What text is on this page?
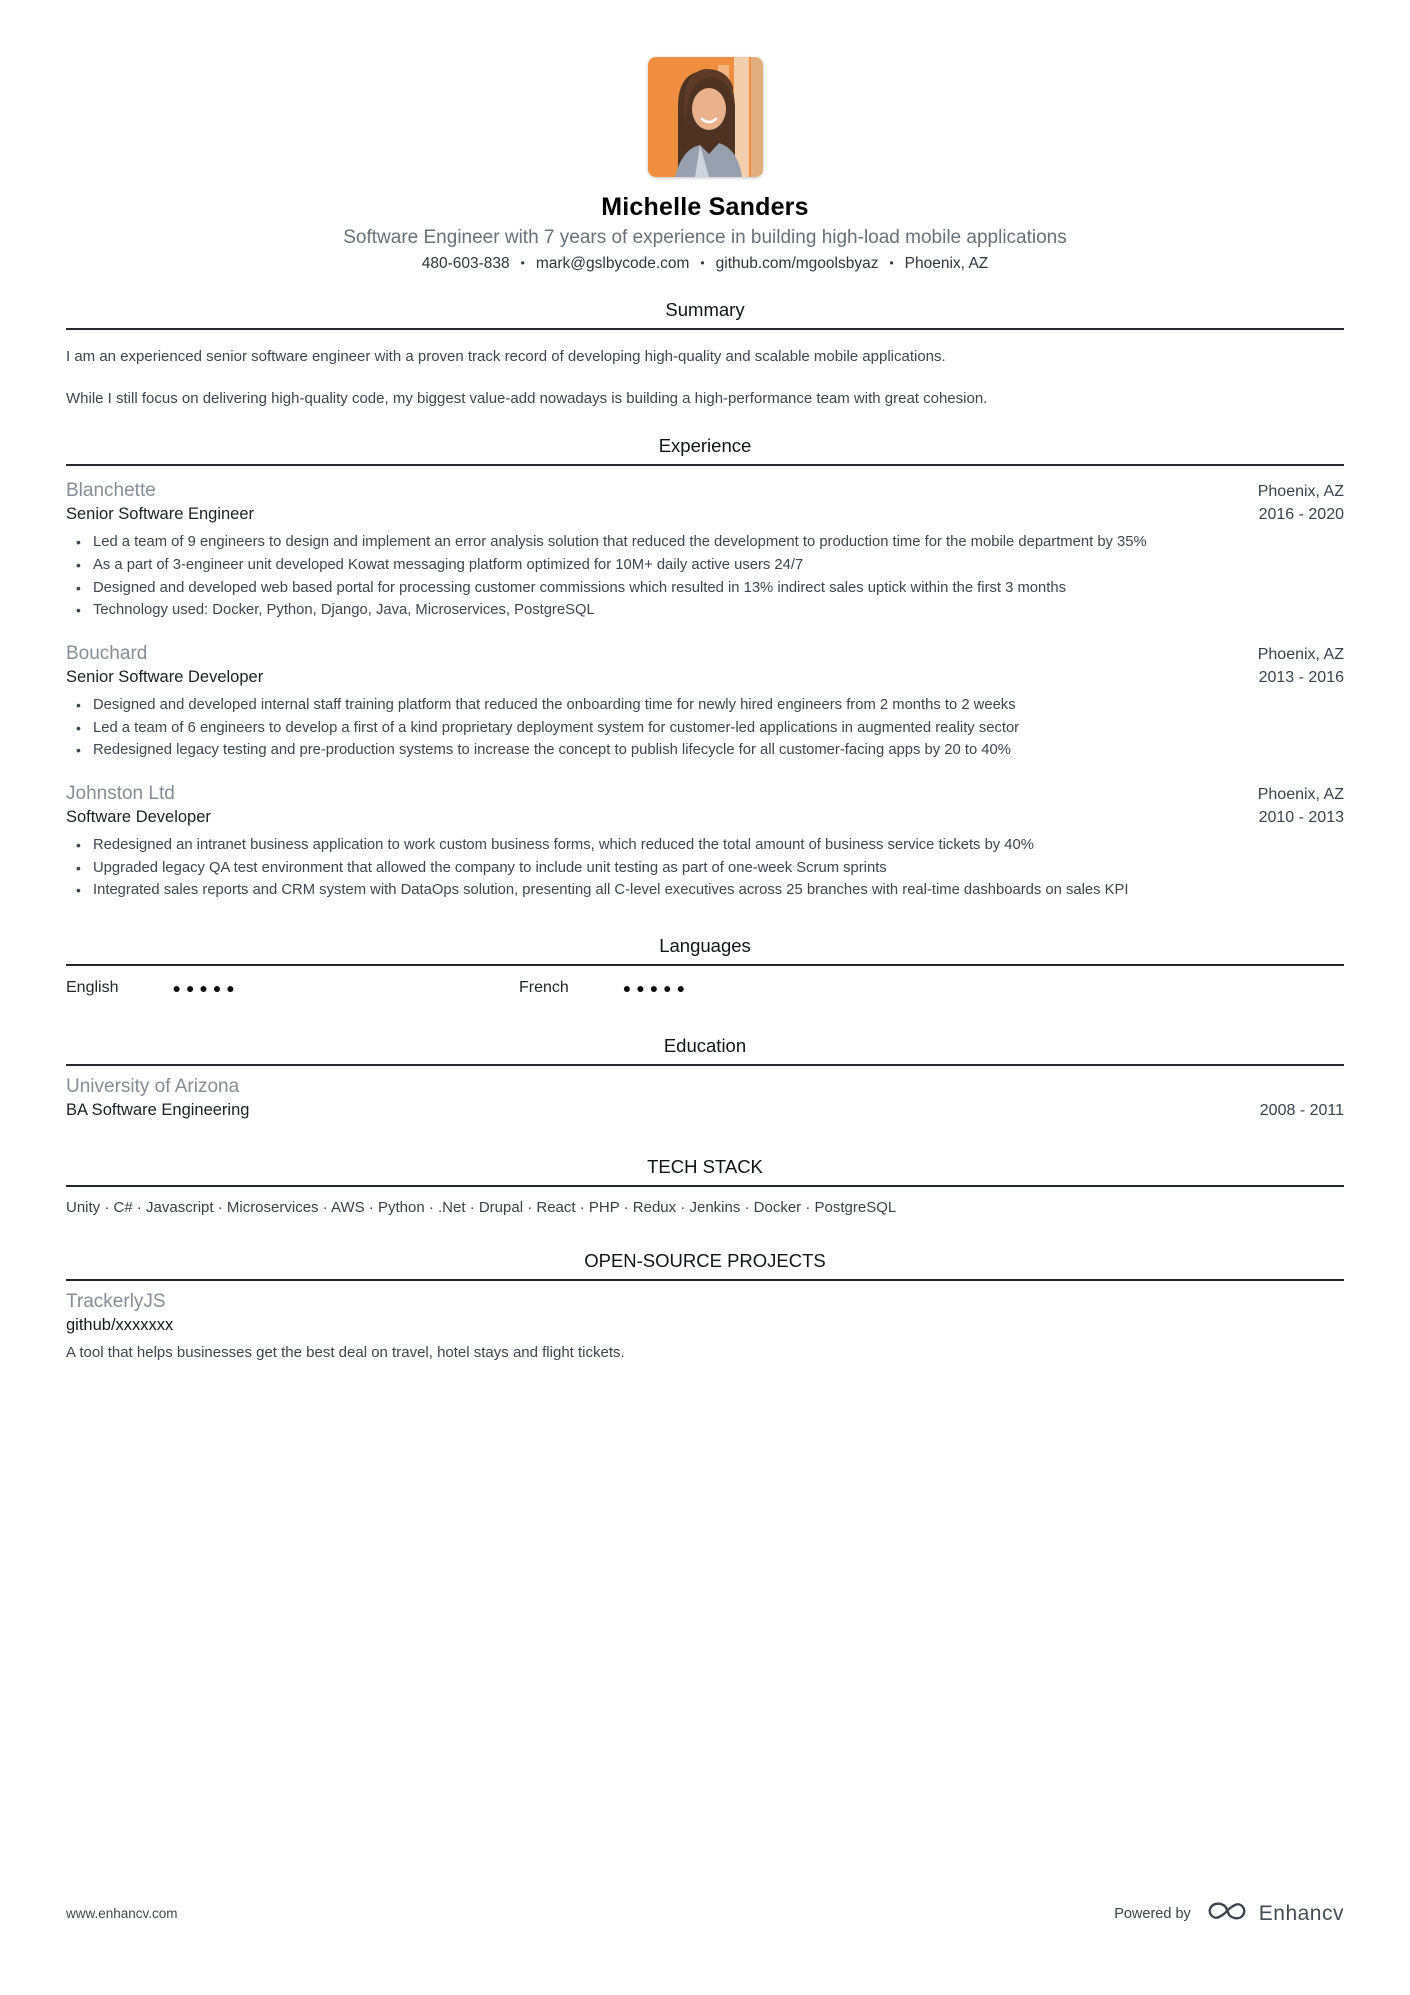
Michelle Sanders
Software Engineer with 7 years of experience in building high-load mobile applications
480-603-838 • mark@gslbycode.com • github.com/mgoolsbyaz • Phoenix, AZ
Summary

I am an experienced senior software engineer with a proven track record of developing high-quality and scalable mobile applications.

While I still focus on delivering high-quality code, my biggest value-add nowadays is building a high-performance team with great cohesion.

Experience
Blanchette	Phoenix, AZ
Senior Software Engineer	2016 - 2020
• Led a team of 9 engineers to design and implement an error analysis solution that reduced the development to production time for the mobile department by 35%
• As a part of 3-engineer unit developed Kowat messaging platform optimized for 10M+ daily active users 24/7
• Designed and developed web based portal for processing customer commissions which resulted in 13% indirect sales uptick within the first 3 months
• Technology used: Docker, Python, Django, Java, Microservices, PostgreSQL
Bouchard	Phoenix, AZ
Senior Software Developer	2013 - 2016
• Designed and developed internal staff training platform that reduced the onboarding time for newly hired engineers from 2 months to 2 weeks
• Led a team of 6 engineers to develop a first of a kind proprietary deployment system for customer-led applications in augmented reality sector
• Redesigned legacy testing and pre-production systems to increase the concept to publish lifecycle for all customer-facing apps by 20 to 40%
Johnston Ltd	Phoenix, AZ
Software Developer	2010 - 2013
• Redesigned an intranet business application to work custom business forms, which reduced the total amount of business service tickets by 40%
• Upgraded legacy QA test environment that allowed the company to include unit testing as part of one-week Scrum sprints
• Integrated sales reports and CRM system with DataOps solution, presenting all C-level executives across 25 branches with real-time dashboards on sales KPI
Languages
English	●●●●●	French	●●●●●
Education
University of Arizona
BA Software Engineering	2008 - 2011
TECH STACK
Unity · C# · Javascript · Microservices · AWS · Python · .Net · Drupal · React · PHP · Redux · Jenkins · Docker · PostgreSQL
OPEN-SOURCE PROJECTS
TrackerlyJS
github/xxxxxxx
A tool that helps businesses get the best deal on travel, hotel stays and flight tickets.
www.enhancv.com	Powered by	Enhancv
